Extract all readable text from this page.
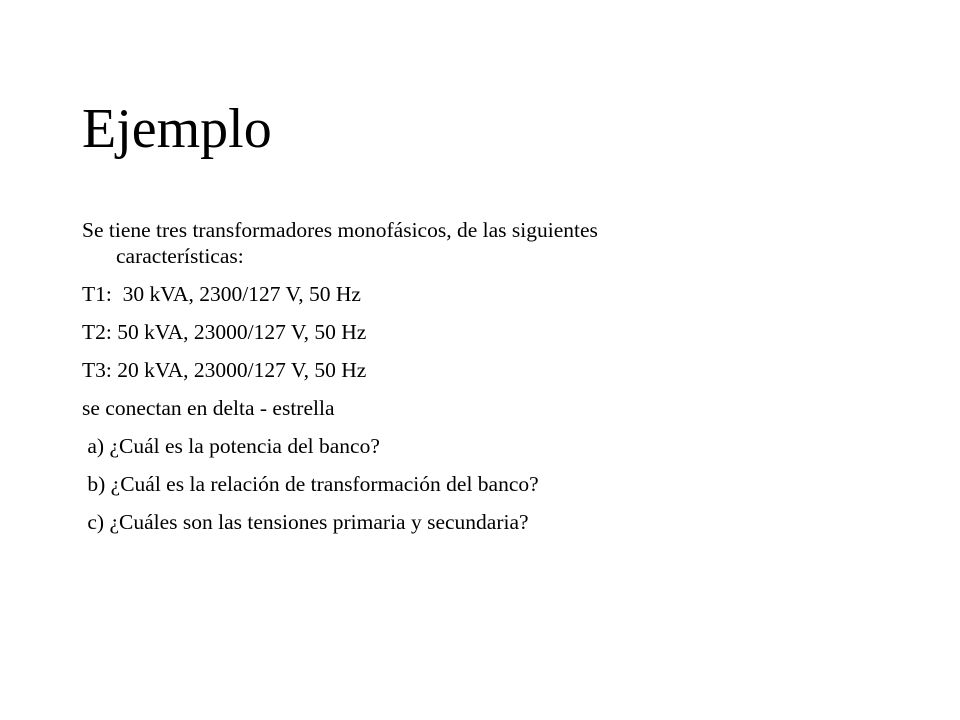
Ejemplo

Se tiene tres transformadores monofásicos, de las siguientes
características:

T1:  30 kVA, 2300/127 V, 50 Hz

T2: 50 kVA, 23000/127 V, 50 Hz

T3: 20 kVA, 23000/127 V, 50 Hz

se conectan en delta - estrella

a) ¿Cuál es la potencia del banco?

b) ¿Cuál es la relación de transformación del banco?

c) ¿Cuáles son las tensiones primaria y secundaria?
